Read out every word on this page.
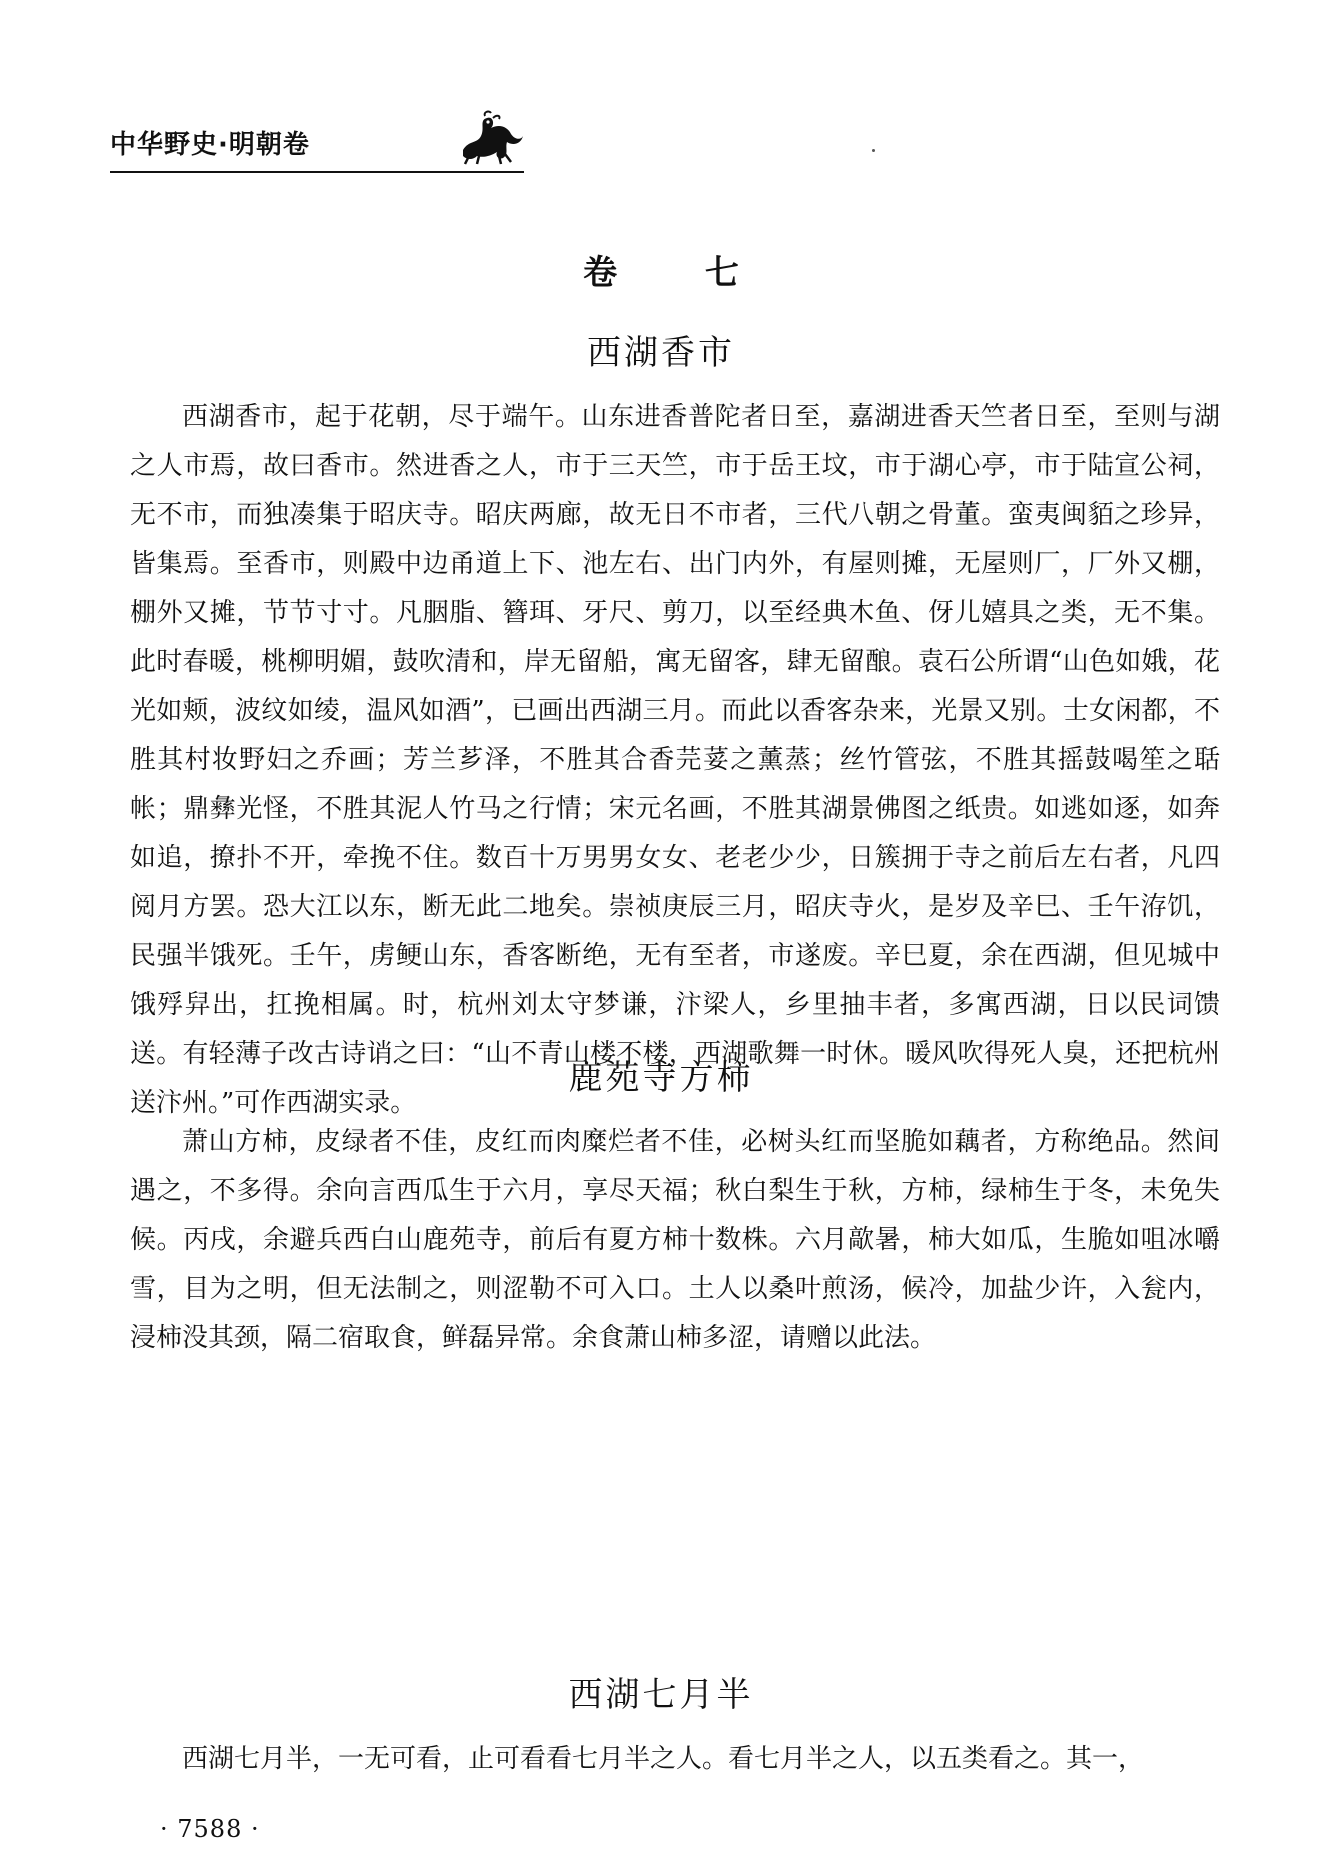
中华野史·明朝卷
卷 七
西湖香市

西湖香市，起于花朝，尽于端午。山东进香普陀者日至，嘉湖进香天竺者日至，至则与湖之人市焉，故曰香市。然进香之人，市于三天竺，市于岳王坟，市于湖心亭，市于陆宣公祠，无不市，而独凑集于昭庆寺。昭庆两廊，故无日不市者，三代八朝之骨董。蛮夷闽貊之珍异，皆集焉。至香市，则殿中边甬道上下、池左右、出门内外，有屋则摊，无屋则厂，厂外又棚，棚外又摊，节节寸寸。凡胭脂、簪珥、牙尺、剪刀，以至经典木鱼、伢儿嬉具之类，无不集。此时春暖，桃柳明媚，鼓吹清和，岸无留船，寓无留客，肆无留酿。袁石公所谓“山色如娥，花光如颊，波纹如绫，温风如酒”，已画出西湖三月。而此以香客杂来，光景又别。士女闲都，不胜其村妆野妇之乔画；芳兰芗泽，不胜其合香芫荽之薰蒸；丝竹管弦，不胜其摇鼓喝笙之聒帐；鼎彝光怪，不胜其泥人竹马之行情；宋元名画，不胜其湖景佛图之纸贵。如逃如逐，如奔如追，撩扑不开，牵挽不住。数百十万男男女女、老老少少，日簇拥于寺之前后左右者，凡四阅月方罢。恐大江以东，断无此二地矣。崇祯庚辰三月，昭庆寺火，是岁及辛巳、壬午洊饥，民强半饿死。壬午，虏鲠山东，香客断绝，无有至者，市遂废。辛巳夏，余在西湖，但见城中饿殍舁出，扛挽相属。时，杭州刘太守梦谦，汴梁人，乡里抽丰者，多寓西湖，日以民词馈送。有轻薄子改古诗诮之曰：“山不青山楼不楼，西湖歌舞一时休。暖风吹得死人臭，还把杭州送汴州。”可作西湖实录。

鹿苑寺方柿

萧山方柿，皮绿者不佳，皮红而肉糜烂者不佳，必树头红而坚脆如藕者，方称绝品。然间遇之，不多得。余向言西瓜生于六月，享尽天福；秋白梨生于秋，方柿，绿柿生于冬，未免失候。丙戌，余避兵西白山鹿苑寺，前后有夏方柿十数株。六月歊暑，柿大如瓜，生脆如咀冰嚼雪，目为之明，但无法制之，则涩勒不可入口。土人以桑叶煎汤，候冷，加盐少许，入瓮内，浸柿没其颈，隔二宿取食，鲜磊异常。余食萧山柿多涩，请赠以此法。

西湖七月半

西湖七月半，一无可看，止可看看七月半之人。看七月半之人，以五类看之。其一，

· 7588 ·
